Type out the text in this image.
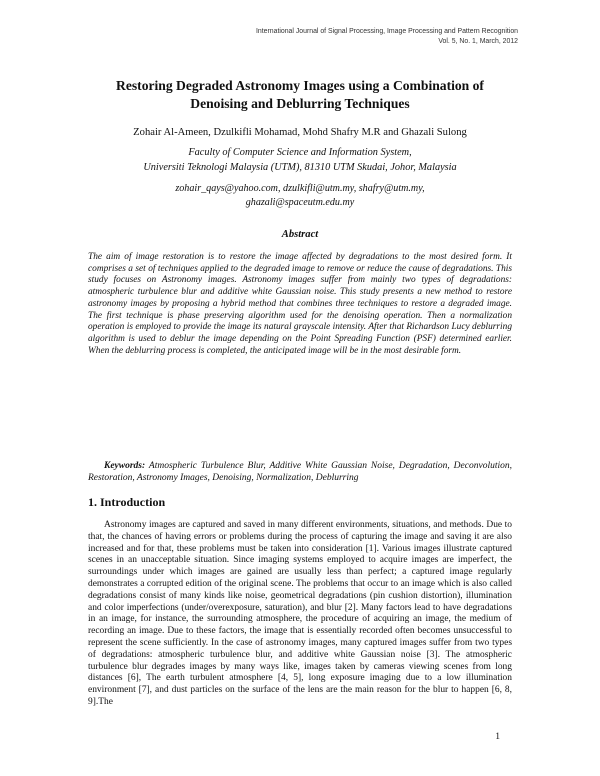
International Journal of Signal Processing, Image Processing and Pattern Recognition
Vol. 5, No. 1, March, 2012
Restoring Degraded Astronomy Images using a Combination of
Denoising and Deblurring Techniques
Zohair Al-Ameen, Dzulkifli Mohamad, Mohd Shafry M.R and Ghazali Sulong
Faculty of Computer Science and Information System,
Universiti Teknologi Malaysia (UTM), 81310 UTM Skudai, Johor, Malaysia
zohair_qays@yahoo.com, dzulkifli@utm.my, shafry@utm.my,
ghazali@spaceutm.edu.my
Abstract

The aim of image restoration is to restore the image affected by degradations to the most desired form. It comprises a set of techniques applied to the degraded image to remove or reduce the cause of degradations. This study focuses on Astronomy images. Astronomy images suffer from mainly two types of degradations: atmospheric turbulence blur and additive white Gaussian noise. This study presents a new method to restore astronomy images by proposing a hybrid method that combines three techniques to restore a degraded image. The first technique is phase preserving algorithm used for the denoising operation. Then a normalization operation is employed to provide the image its natural grayscale intensity. After that Richardson Lucy deblurring algorithm is used to deblur the image depending on the Point Spreading Function (PSF) determined earlier. When the deblurring process is completed, the anticipated image will be in the most desirable form.

Keywords: Atmospheric Turbulence Blur, Additive White Gaussian Noise, Degradation, Deconvolution, Restoration, Astronomy Images, Denoising, Normalization, Deblurring

1. Introduction

Astronomy images are captured and saved in many different environments, situations, and methods. Due to that, the chances of having errors or problems during the process of capturing the image and saving it are also increased and for that, these problems must be taken into consideration [1]. Various images illustrate captured scenes in an unacceptable situation. Since imaging systems employed to acquire images are imperfect, the surroundings under which images are gained are usually less than perfect; a captured image regularly demonstrates a corrupted edition of the original scene. The problems that occur to an image which is also called degradations consist of many kinds like noise, geometrical degradations (pin cushion distortion), illumination and color imperfections (under/overexposure, saturation), and blur [2]. Many factors lead to have degradations in an image, for instance, the surrounding atmosphere, the procedure of acquiring an image, the medium of recording an image. Due to these factors, the image that is essentially recorded often becomes unsuccessful to represent the scene sufficiently. In the case of astronomy images, many captured images suffer from two types of degradations: atmospheric turbulence blur, and additive white Gaussian noise [3]. The atmospheric turbulence blur degrades images by many ways like, images taken by cameras viewing scenes from long distances [6], The earth turbulent atmosphere [4, 5], long exposure imaging due to a low illumination environment [7], and dust particles on the surface of the lens are the main reason for the blur to happen [6, 8, 9].The

1
